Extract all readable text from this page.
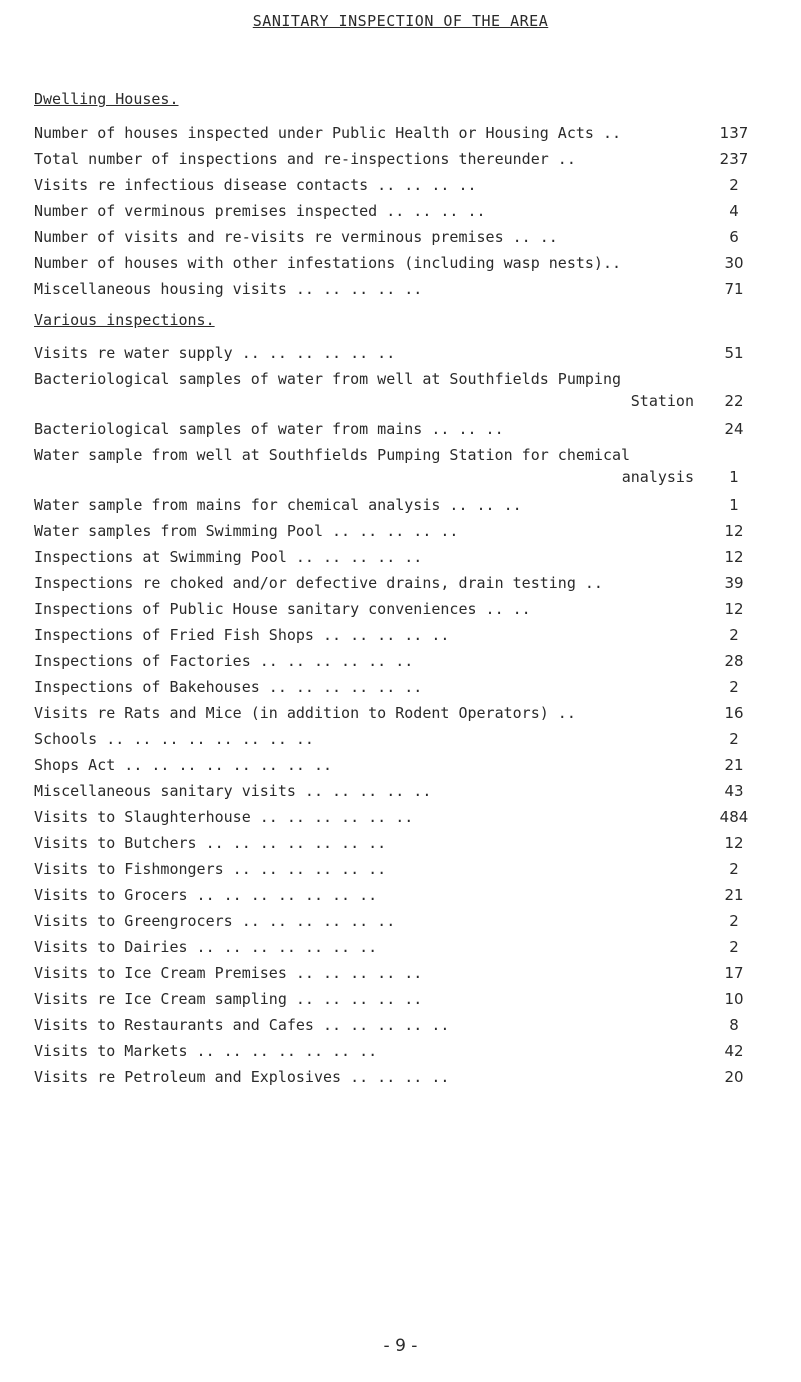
SANITARY INSPECTION OF THE AREA
Dwelling Houses.
Number of houses inspected under Public Health or Housing Acts ..	137
Total number of inspections and re-inspections thereunder ..	237
Visits re infectious disease contacts .. .. .. ..	2
Number of verminous premises inspected .. .. .. ..	4
Number of visits and re-visits re verminous premises .. ..	6
Number of houses with other infestations (including wasp nests)..	30
Miscellaneous housing visits .. .. .. .. ..	71
Various inspections.
Visits re water supply .. .. .. .. .. ..	51
Bacteriological samples of water from well at Southfields Pumping
Station	22
Bacteriological samples of water from mains .. .. ..	24
Water sample from well at Southfields Pumping Station for chemical
analysis	1
Water sample from mains for chemical analysis .. .. ..	1
Water samples from Swimming Pool .. .. .. .. ..	12
Inspections at Swimming Pool .. .. .. .. ..	12
Inspections re choked and/or defective drains, drain testing ..	39
Inspections of Public House sanitary conveniences .. ..	12
Inspections of Fried Fish Shops .. .. .. .. ..	2
Inspections of Factories .. .. .. .. .. ..	28
Inspections of Bakehouses .. .. .. .. .. ..	2
Visits re Rats and Mice (in addition to Rodent Operators) ..	16
Schools .. .. .. .. .. .. .. ..	2
Shops Act .. .. .. .. .. .. .. ..	21
Miscellaneous sanitary visits .. .. .. .. ..	43
Visits to Slaughterhouse .. .. .. .. .. ..	484
Visits to Butchers .. .. .. .. .. .. ..	12
Visits to Fishmongers .. .. .. .. .. ..	2
Visits to Grocers .. .. .. .. .. .. ..	21
Visits to Greengrocers .. .. .. .. .. ..	2
Visits to Dairies .. .. .. .. .. .. ..	2
Visits to Ice Cream Premises .. .. .. .. ..	17
Visits re Ice Cream sampling .. .. .. .. ..	10
Visits to Restaurants and Cafes .. .. .. .. ..	8
Visits to Markets .. .. .. .. .. .. ..	42
Visits re Petroleum and Explosives .. .. .. ..	20
- 9 -
